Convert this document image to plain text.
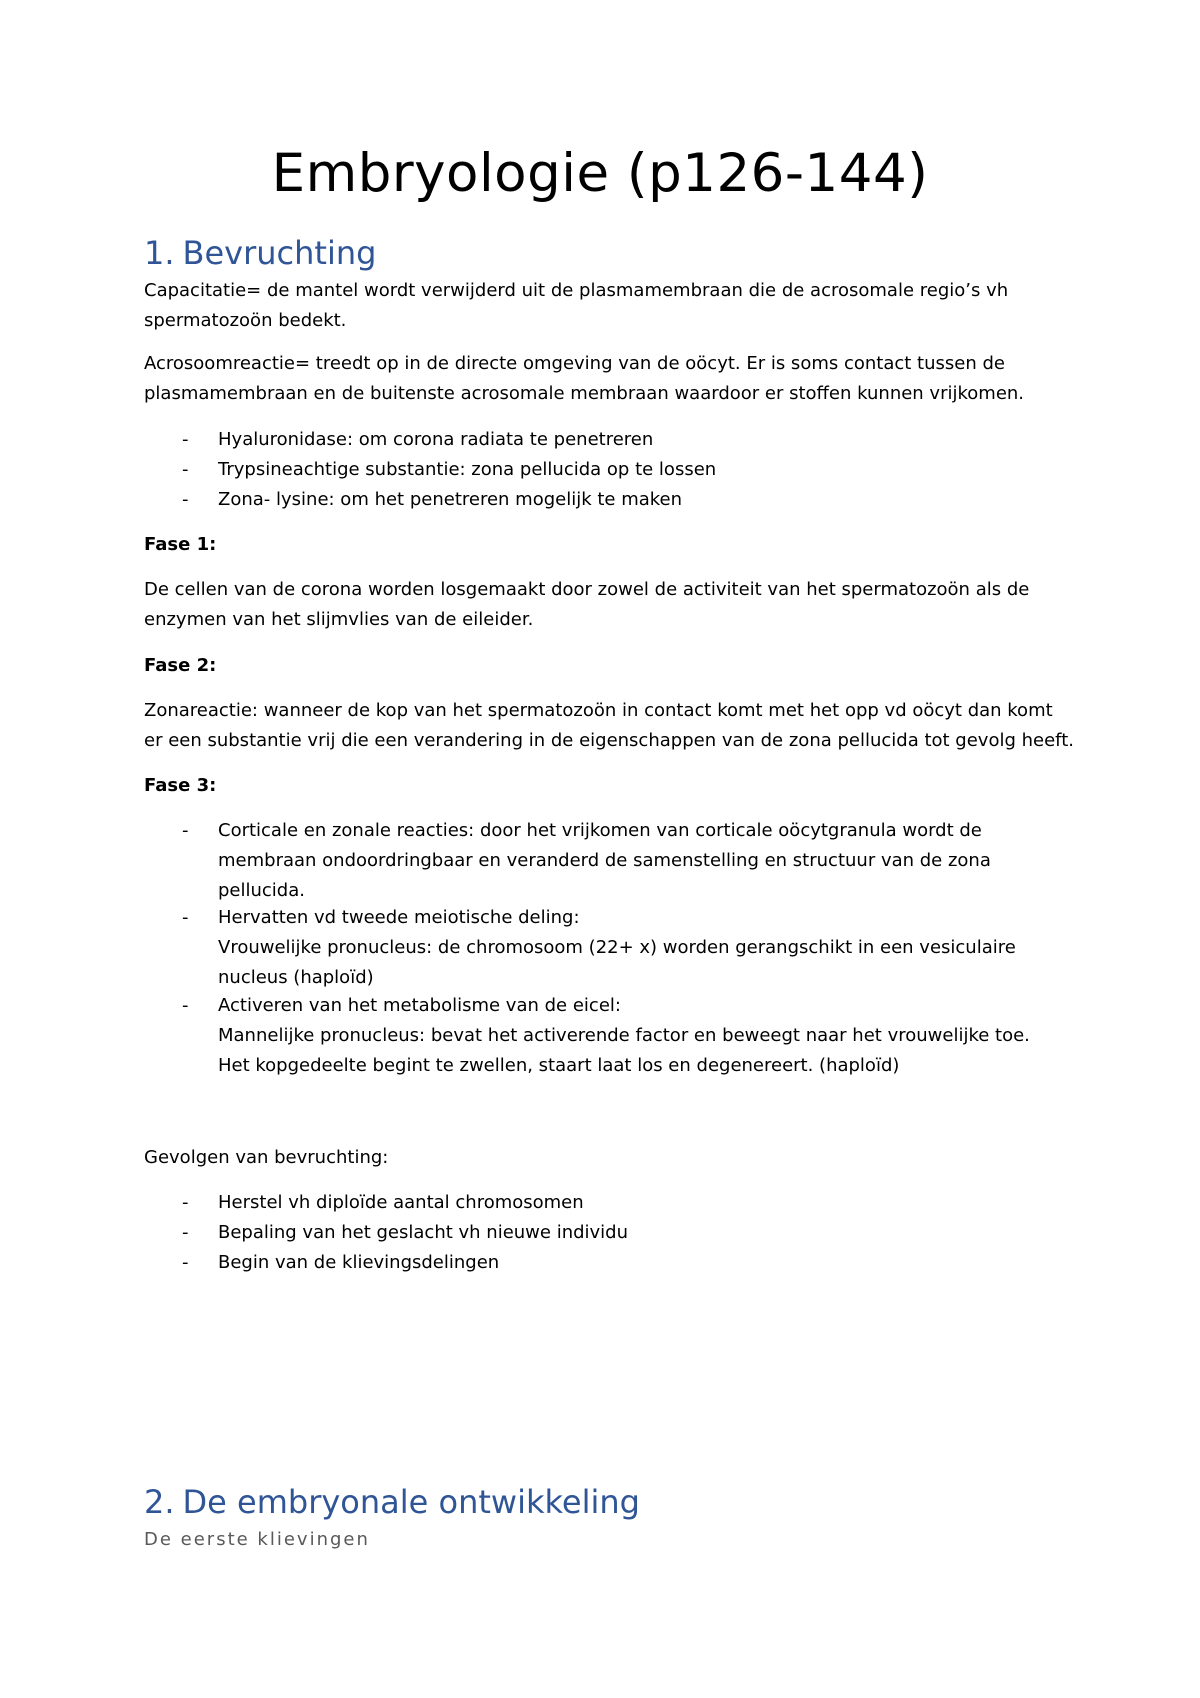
Embryologie (p126-144)
1. Bevruchting

Capacitatie= de mantel wordt verwijderd uit de plasmamembraan die de acrosomale regio’s vh
spermatozoön bedekt.

Acrosoomreactie= treedt op in de directe omgeving van de oöcyt. Er is soms contact tussen de
plasmamembraan en de buitenste acrosomale membraan waardoor er stoffen kunnen vrijkomen.

- Hyaluronidase: om corona radiata te penetreren
- Trypsineachtige substantie: zona pellucida op te lossen
- Zona- lysine: om het penetreren mogelijk te maken

Fase 1:

De cellen van de corona worden losgemaakt door zowel de activiteit van het spermatozoön als de
enzymen van het slijmvlies van de eileider.

Fase 2:

Zonareactie: wanneer de kop van het spermatozoön in contact komt met het opp vd oöcyt dan komt
er een substantie vrij die een verandering in de eigenschappen van de zona pellucida tot gevolg heeft.

Fase 3:

- Corticale en zonale reacties: door het vrijkomen van corticale oöcytgranula wordt de
membraan ondoordringbaar en veranderd de samenstelling en structuur van de zona
pellucida.
- Hervatten vd tweede meiotische deling:
Vrouwelijke pronucleus: de chromosoom (22+ x) worden gerangschikt in een vesiculaire
nucleus (haploïd)
- Activeren van het metabolisme van de eicel:
Mannelijke pronucleus: bevat het activerende factor en beweegt naar het vrouwelijke toe.
Het kopgedeelte begint te zwellen, staart laat los en degenereert. (haploïd)

Gevolgen van bevruchting:

- Herstel vh diploïde aantal chromosomen
- Bepaling van het geslacht vh nieuwe individu
- Begin van de klievingsdelingen
2. De embryonale ontwikkeling
De eerste klievingen
